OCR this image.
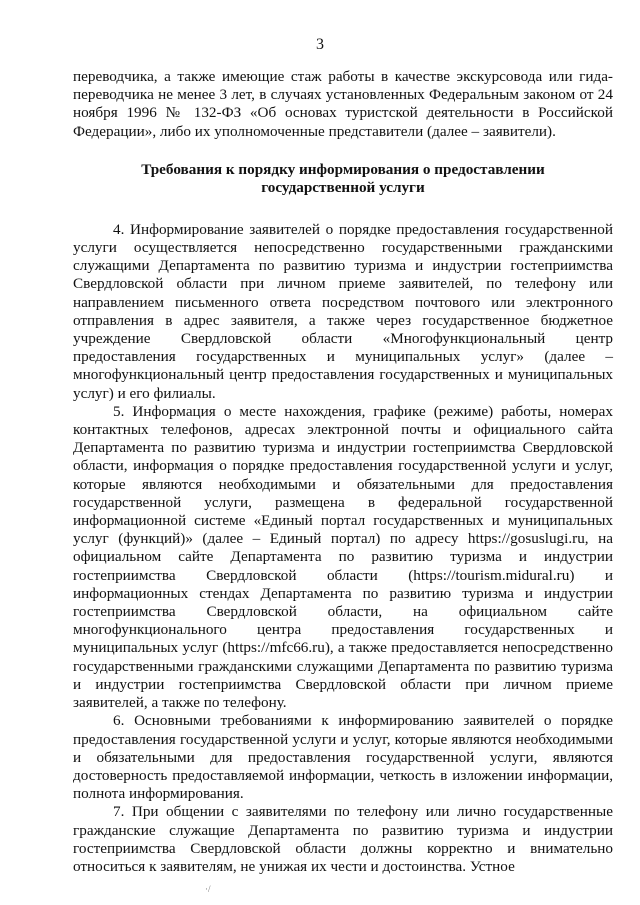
3

переводчика, а также имеющие стаж работы в качестве экскурсовода или гида-переводчика не менее 3 лет, в случаях установленных Федеральным законом от 24 ноября 1996 № 132-ФЗ «Об основах туристской деятельности в Российской Федерации», либо их уполномоченные представители (далее – заявители).

Требования к порядку информирования о предоставлении
государственной услуги

4. Информирование заявителей о порядке предоставления государственной услуги осуществляется непосредственно государственными гражданскими служащими Департамента по развитию туризма и индустрии гостеприимства Свердловской области при личном приеме заявителей, по телефону или направлением письменного ответа посредством почтового или электронного отправления в адрес заявителя, а также через государственное бюджетное учреждение Свердловской области «Многофункциональный центр предоставления государственных и муниципальных услуг» (далее – многофункциональный центр предоставления государственных и муниципальных услуг) и его филиалы.

5. Информация о месте нахождения, графике (режиме) работы, номерах контактных телефонов, адресах электронной почты и официального сайта Департамента по развитию туризма и индустрии гостеприимства Свердловской области, информация о порядке предоставления государственной услуги и услуг, которые являются необходимыми и обязательными для предоставления государственной услуги, размещена в федеральной государственной информационной системе «Единый портал государственных и муниципальных услуг (функций)» (далее – Единый портал) по адресу https://gosuslugi.ru, на официальном сайте Департамента по развитию туризма и индустрии гостеприимства Свердловской области (https://tourism.midural.ru) и информационных стендах Департамента по развитию туризма и индустрии гостеприимства Свердловской области, на официальном сайте многофункционального центра предоставления государственных и муниципальных услуг (https://mfc66.ru), а также предоставляется непосредственно государственными гражданскими служащими Департамента по развитию туризма и индустрии гостеприимства Свердловской области при личном приеме заявителей, а также по телефону.

6. Основными требованиями к информированию заявителей о порядке предоставления государственной услуги и услуг, которые являются необходимыми и обязательными для предоставления государственной услуги, являются достоверность предоставляемой информации, четкость в изложении информации, полнота информирования.

7. При общении с заявителями по телефону или лично государственные гражданские служащие Департамента по развитию туризма и индустрии гостеприимства Свердловской области должны корректно и внимательно относиться к заявителям, не унижая их чести и достоинства. Устное

·/
